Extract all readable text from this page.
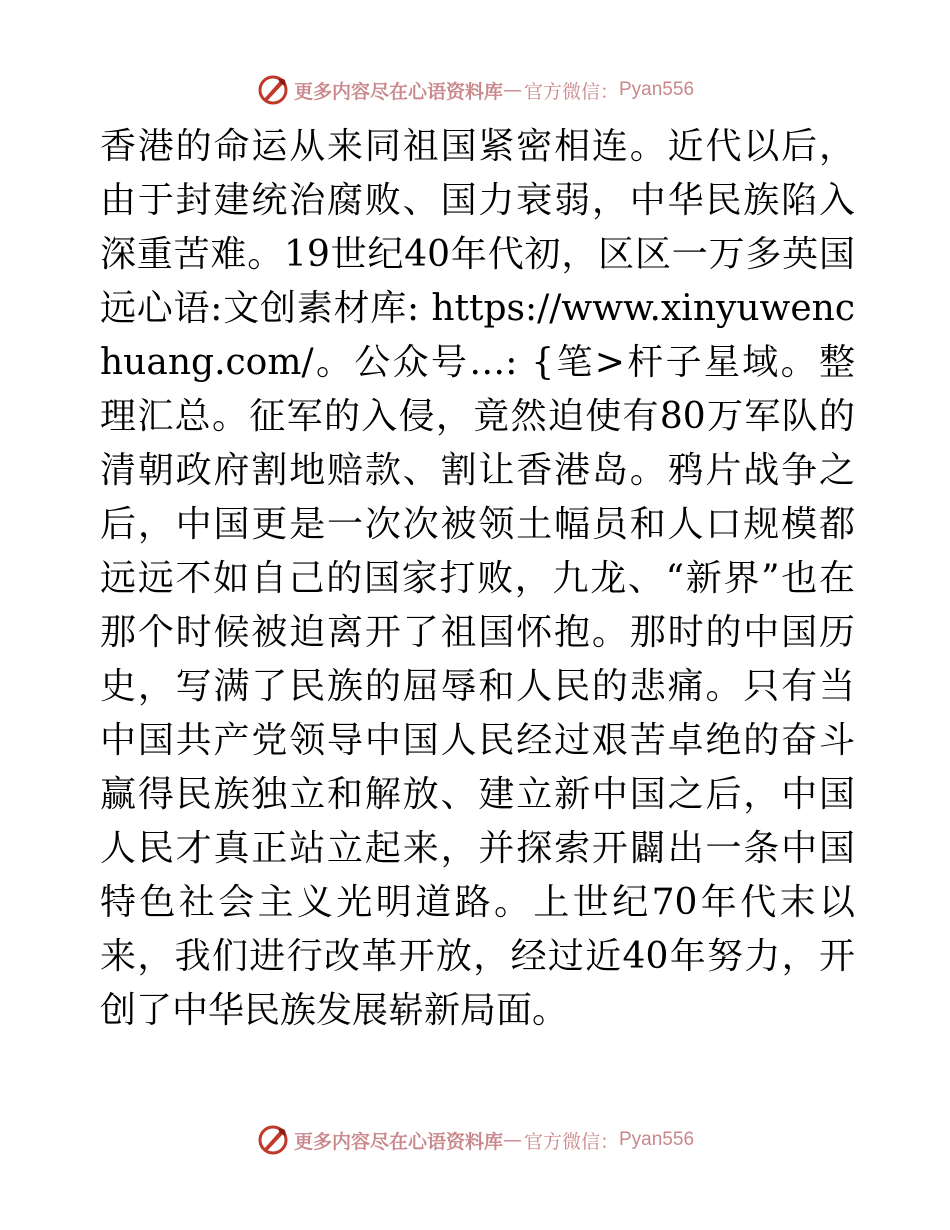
更多内容尽在心语资料库 — 官方微信： Pyan556

香港的命运从来同祖国紧密相连。近代以后，由于封建统治腐败、国力衰弱，中华民族陷入深重苦难。19世纪40年代初，区区一万多英国远心语:文创素材库: https://www.xinyuwenchuang.com/。公众号…: {笔>杆子星域。整理汇总。征军的入侵，竟然迫使有80万军队的清朝政府割地赔款、割让香港岛。鸦片战争之后，中国更是一次次被领土幅员和人口规模都远远不如自己的国家打败，九龙、“新界”也在那个时候被迫离开了祖国怀抱。那时的中国历史，写满了民族的屈辱和人民的悲痛。只有当中国共产党领导中国人民经过艰苦卓绝的奋斗赢得民族独立和解放、建立新中国之后，中国人民才真正站立起来，并探索开闢出一条中国特色社会主义光明道路。上世纪70年代末以来，我们进行改革开放，经过近40年努力，开创了中华民族发展崭新局面。

更多内容尽在心语资料库 — 官方微信： Pyan556
